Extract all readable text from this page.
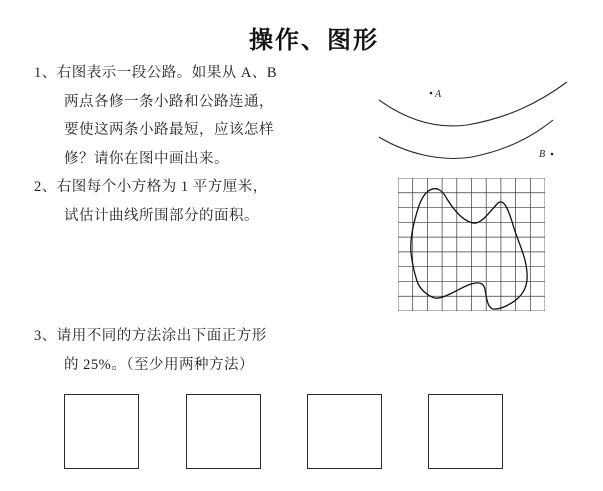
操作、图形
1、右图表示一段公路。如果从 A、B
两点各修一条小路和公路连通，
要使这两条小路最短，应该怎样
修？请你在图中画出来。
2、右图每个小方格为 1 平方厘米，
试估计曲线所围部分的面积。
3、请用不同的方法涂出下面正方形
的 25%。（至少用两种方法）
A
B
